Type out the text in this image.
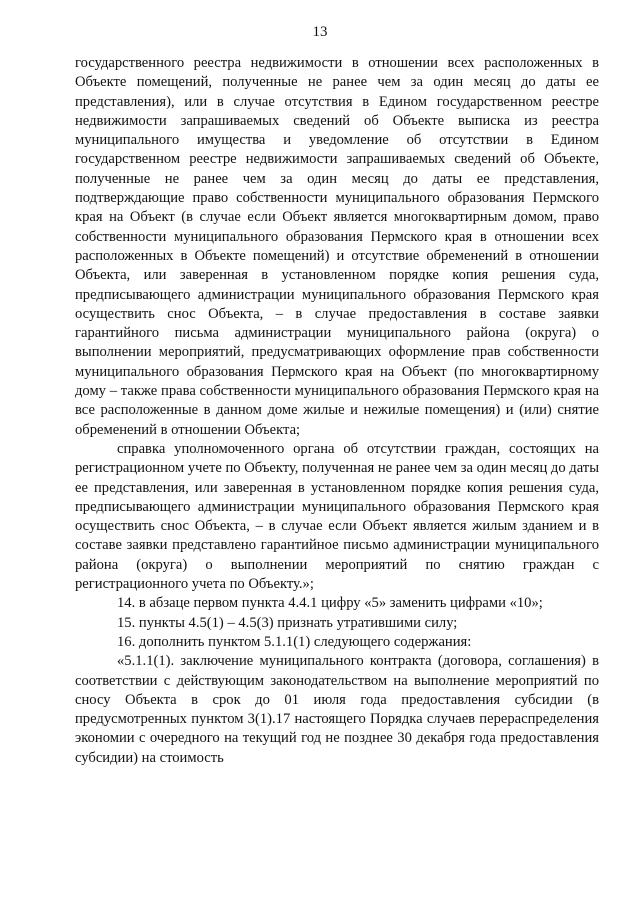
13

государственного реестра недвижимости в отношении всех расположенных в Объекте помещений, полученные не ранее чем за один месяц до даты ее представления), или в случае отсутствия в Едином государственном реестре недвижимости запрашиваемых сведений об Объекте выписка из реестра муниципального имущества и уведомление об отсутствии в Едином государственном реестре недвижимости запрашиваемых сведений об Объекте, полученные не ранее чем за один месяц до даты ее представления, подтверждающие право собственности муниципального образования Пермского края на Объект (в случае если Объект является многоквартирным домом, право собственности муниципального образования Пермского края в отношении всех расположенных в Объекте помещений) и отсутствие обременений в отношении Объекта, или заверенная в установленном порядке копия решения суда, предписывающего администрации муниципального образования Пермского края осуществить снос Объекта, – в случае предоставления в составе заявки гарантийного письма администрации муниципального района (округа) о выполнении мероприятий, предусматривающих оформление прав собственности муниципального образования Пермского края на Объект (по многоквартирному дому – также права собственности муниципального образования Пермского края на все расположенные в данном доме жилые и нежилые помещения) и (или) снятие обременений в отношении Объекта;

справка уполномоченного органа об отсутствии граждан, состоящих на регистрационном учете по Объекту, полученная не ранее чем за один месяц до даты ее представления, или заверенная в установленном порядке копия решения суда, предписывающего администрации муниципального образования Пермского края осуществить снос Объекта, – в случае если Объект является жилым зданием и в составе заявки представлено гарантийное письмо администрации муниципального района (округа) о выполнении мероприятий по снятию граждан с регистрационного учета по Объекту.»;

14. в абзаце первом пункта 4.4.1 цифру «5» заменить цифрами «10»;

15. пункты 4.5(1) – 4.5(3) признать утратившими силу;

16. дополнить пунктом 5.1.1(1) следующего содержания:

«5.1.1(1). заключение муниципального контракта (договора, соглашения) в соответствии с действующим законодательством на выполнение мероприятий по сносу Объекта в срок до 01 июля года предоставления субсидии (в предусмотренных пунктом 3(1).17 настоящего Порядка случаев перераспределения экономии с очередного на текущий год не позднее 30 декабря года предоставления субсидии) на стоимость
